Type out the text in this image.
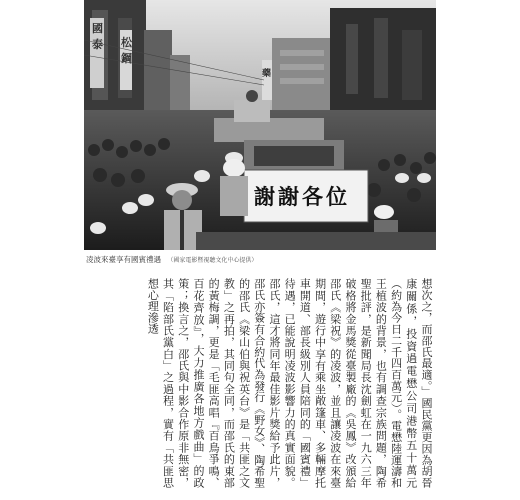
國
泰 松
鋼
藥
謝謝各位
凌波來臺享有國賓禮遇 （國家電影暨視聽文化中心提供）
想次之，而邵氏最適。」國民黨更因為胡晉康關係，投資過電懋公司港幣五十萬元（約為今日二千四百萬元）。電懋陸運濤和王植波的背景，也有調查宗族問題，陶希聖批評，是新聞局長沈劍虹在一九六三年破格將金馬獎從臺製廠的《吳鳳》改頒給邵氏《梁祝》的凌波，並且讓凌波在來臺期間，遊行中享有乘坐敞篷車、多輛摩托車開道、部長級別人員陪同的「國賓禮」待遇，已能說明凌波影響力的真實面貌。邵氏，這才將同年最佳影片獎給予此片，邵氏亦簽有合約代為發行《野女》、陶希聖的邵氏《梁山伯與祝英台》是「共匪之文教」之再拍，其同句全同，而邵氏的東部的黃梅調，更是「毛匪高唱『百鳥爭鳴、百花齊放』，大力推廣各地方戲曲」的政策；換言之，邵氏與中影合作原非無密，其「陷部氏黨白」之過程，實有「共匪思想心理滲透
